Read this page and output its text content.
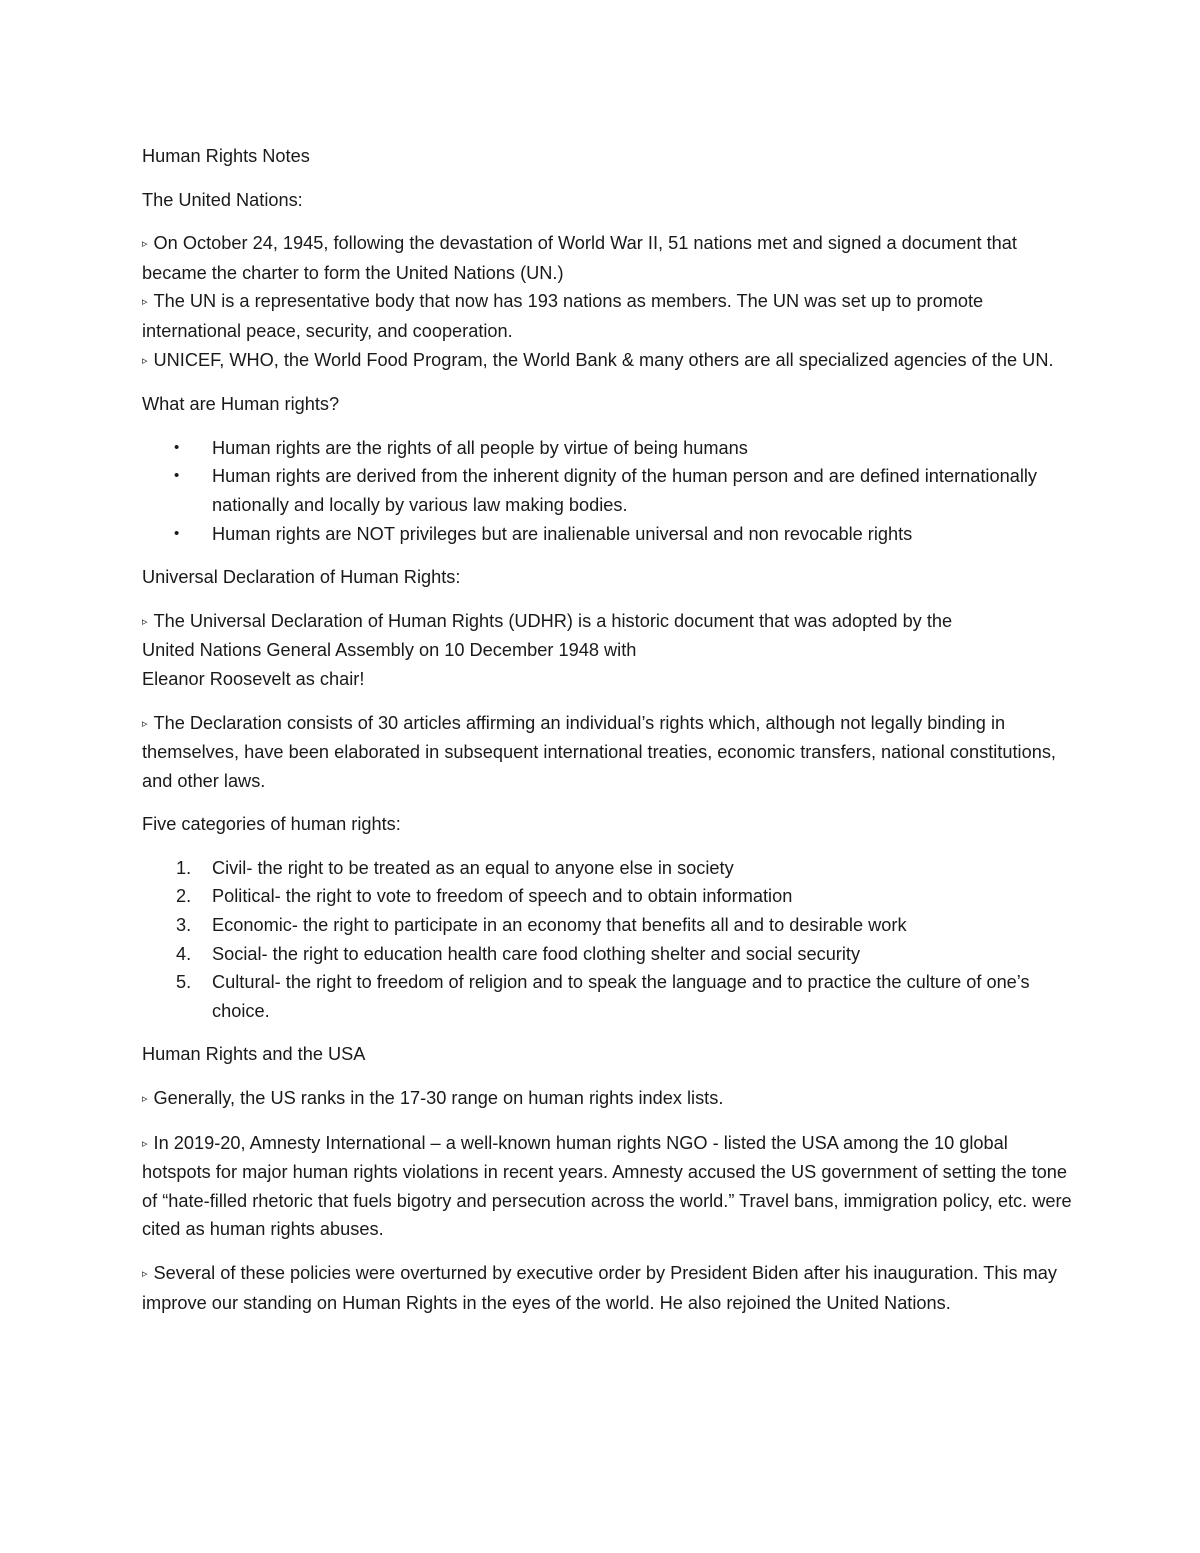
Human Rights Notes

The United Nations:

▹ On October 24, 1945, following the devastation of World War II, 51 nations met and signed a document that became the charter to form the United Nations (UN.)
▹ The UN is a representative body that now has 193 nations as members. The UN was set up to promote international peace, security, and cooperation.
▹ UNICEF, WHO, the World Food Program, the World Bank & many others are all specialized agencies of the UN.

What are Human rights?

• Human rights are the rights of all people by virtue of being humans
• Human rights are derived from the inherent dignity of the human person and are defined internationally nationally and locally by various law making bodies.
• Human rights are NOT privileges but are inalienable universal and non revocable rights

Universal Declaration of Human Rights:

▹ The Universal Declaration of Human Rights (UDHR) is a historic document that was adopted by the
United Nations General Assembly on 10 December 1948 with
Eleanor Roosevelt as chair!
▹ The Declaration consists of 30 articles affirming an individual’s rights which, although not legally binding in themselves, have been elaborated in subsequent international treaties, economic transfers, national constitutions, and other laws.

Five categories of human rights:

1. Civil- the right to be treated as an equal to anyone else in society
2. Political- the right to vote to freedom of speech and to obtain information
3. Economic- the right to participate in an economy that benefits all and to desirable work
4. Social- the right to education health care food clothing shelter and social security
5. Cultural- the right to freedom of religion and to speak the language and to practice the culture of one’s choice.

Human Rights and the USA

▹ Generally, the US ranks in the 17-30 range on human rights index lists.
▹ In 2019-20, Amnesty International – a well-known human rights NGO - listed the USA among the 10 global hotspots for major human rights violations in recent years. Amnesty accused the US government of setting the tone of “hate-filled rhetoric that fuels bigotry and persecution across the world.” Travel bans, immigration policy, etc. were cited as human rights abuses.
▹ Several of these policies were overturned by executive order by President Biden after his inauguration. This may improve our standing on Human Rights in the eyes of the world. He also rejoined the United Nations.
